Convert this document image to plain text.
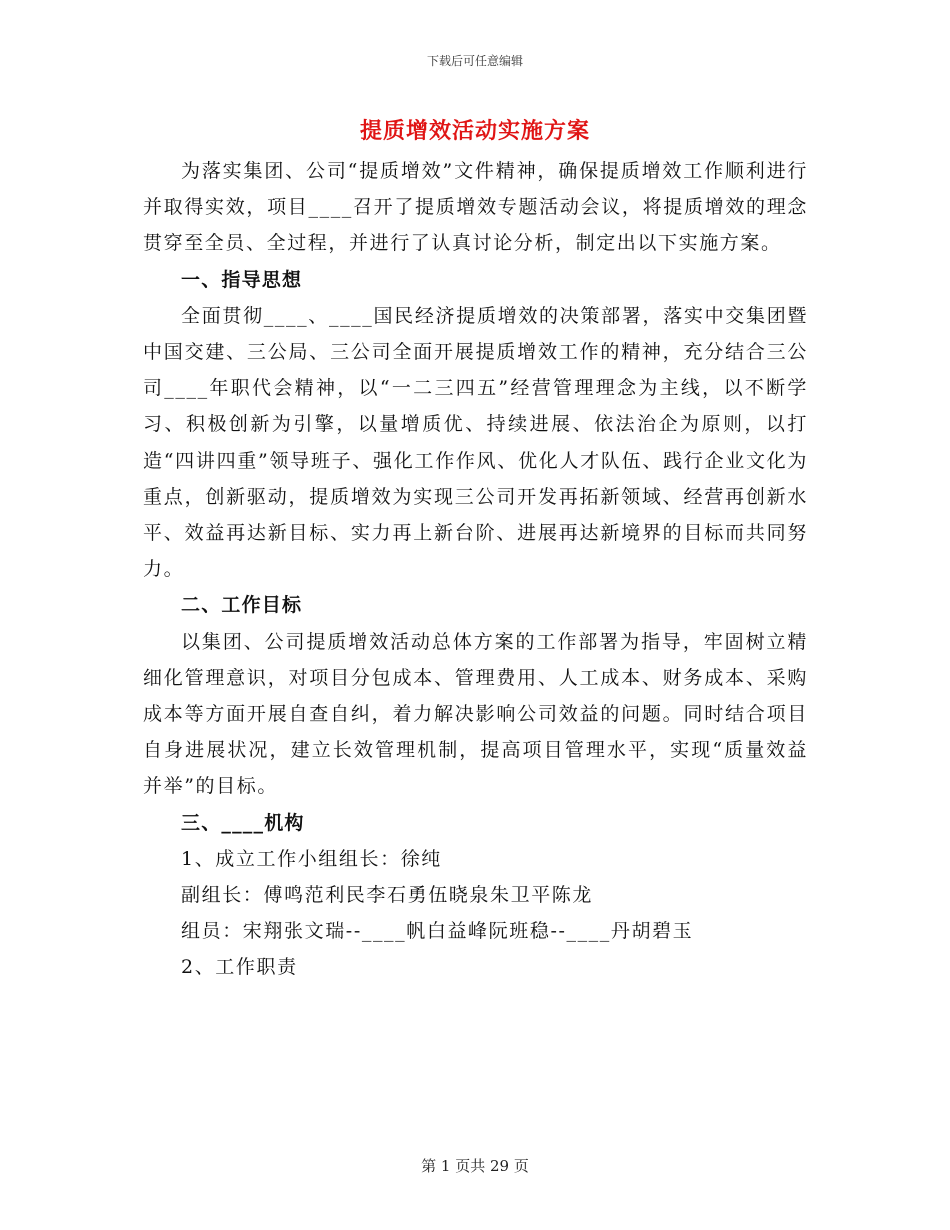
下载后可任意编辑
提质增效活动实施方案

为落实集团、公司“提质增效”文件精神，确保提质增效工作顺利进行并取得实效，项目____召开了提质增效专题活动会议，将提质增效的理念贯穿至全员、全过程，并进行了认真讨论分析，制定出以下实施方案。

一、指导思想

全面贯彻____、____国民经济提质增效的决策部署，落实中交集团暨中国交建、三公局、三公司全面开展提质增效工作的精神，充分结合三公司____年职代会精神，以“一二三四五”经营管理理念为主线，以不断学习、积极创新为引擎，以量增质优、持续进展、依法治企为原则，以打造“四讲四重”领导班子、强化工作作风、优化人才队伍、践行企业文化为重点，创新驱动，提质增效为实现三公司开发再拓新领域、经营再创新水平、效益再达新目标、实力再上新台阶、进展再达新境界的目标而共同努力。

二、工作目标

以集团、公司提质增效活动总体方案的工作部署为指导，牢固树立精细化管理意识，对项目分包成本、管理费用、人工成本、财务成本、采购成本等方面开展自查自纠，着力解决影响公司效益的问题。同时结合项目自身进展状况，建立长效管理机制，提高项目管理水平，实现“质量效益并举”的目标。

三、____机构

1、成立工作小组组长：徐纯

副组长：傅鸣范利民李石勇伍晓泉朱卫平陈龙

组员：宋翔张文瑞--____帆白益峰阮班稳--____丹胡碧玉

2、工作职责

第 1 页共 29 页
